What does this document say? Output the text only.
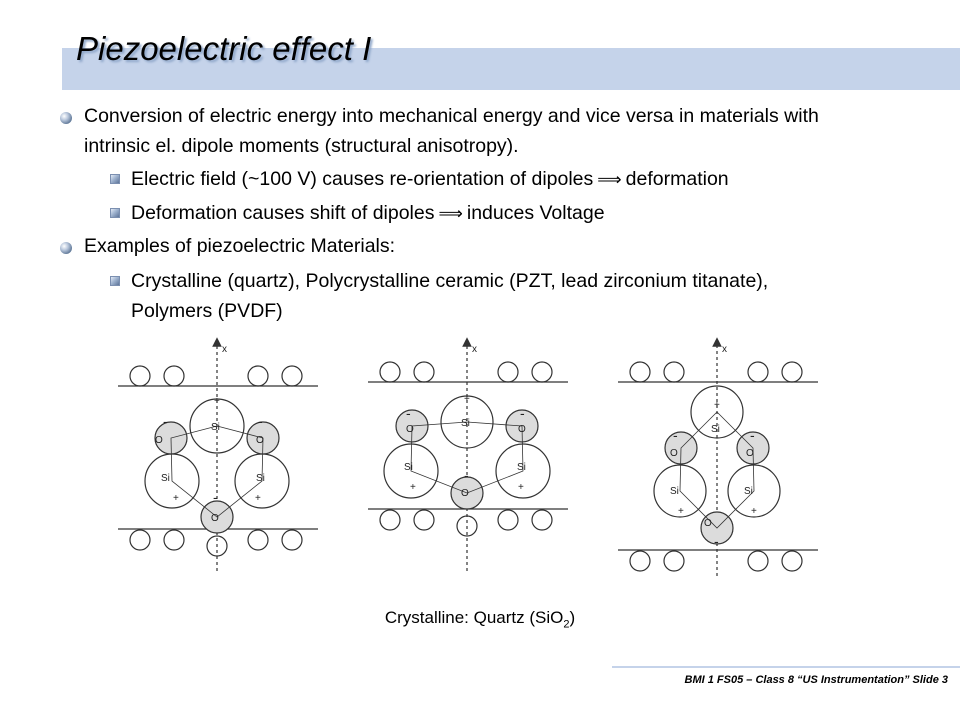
Piezoelectric effect I
Conversion of electric energy into mechanical energy and vice versa in materials with intrinsic el. dipole moments (structural anisotropy).
Electric field (~100 V) causes re-orientation of dipoles ⟹ deformation
Deformation causes shift of dipoles ⟹ induces Voltage
Examples of piezoelectric Materials:
Crystalline (quartz), Polycrystalline ceramic (PZT, lead zirconium titanate), Polymers (PVDF)
x
Si
+
O
-
O
-
Si
+
Si
+
O
-
x
Si
+
O
-
O
-
Si
+
Si
+
O
-
x
Si
+
O
-
O
-
Si
+
Si
+
O
-
Crystalline: Quartz (SiO$_2$)
BMI 1 FS05 – Class 8 “US Instrumentation” Slide 3
